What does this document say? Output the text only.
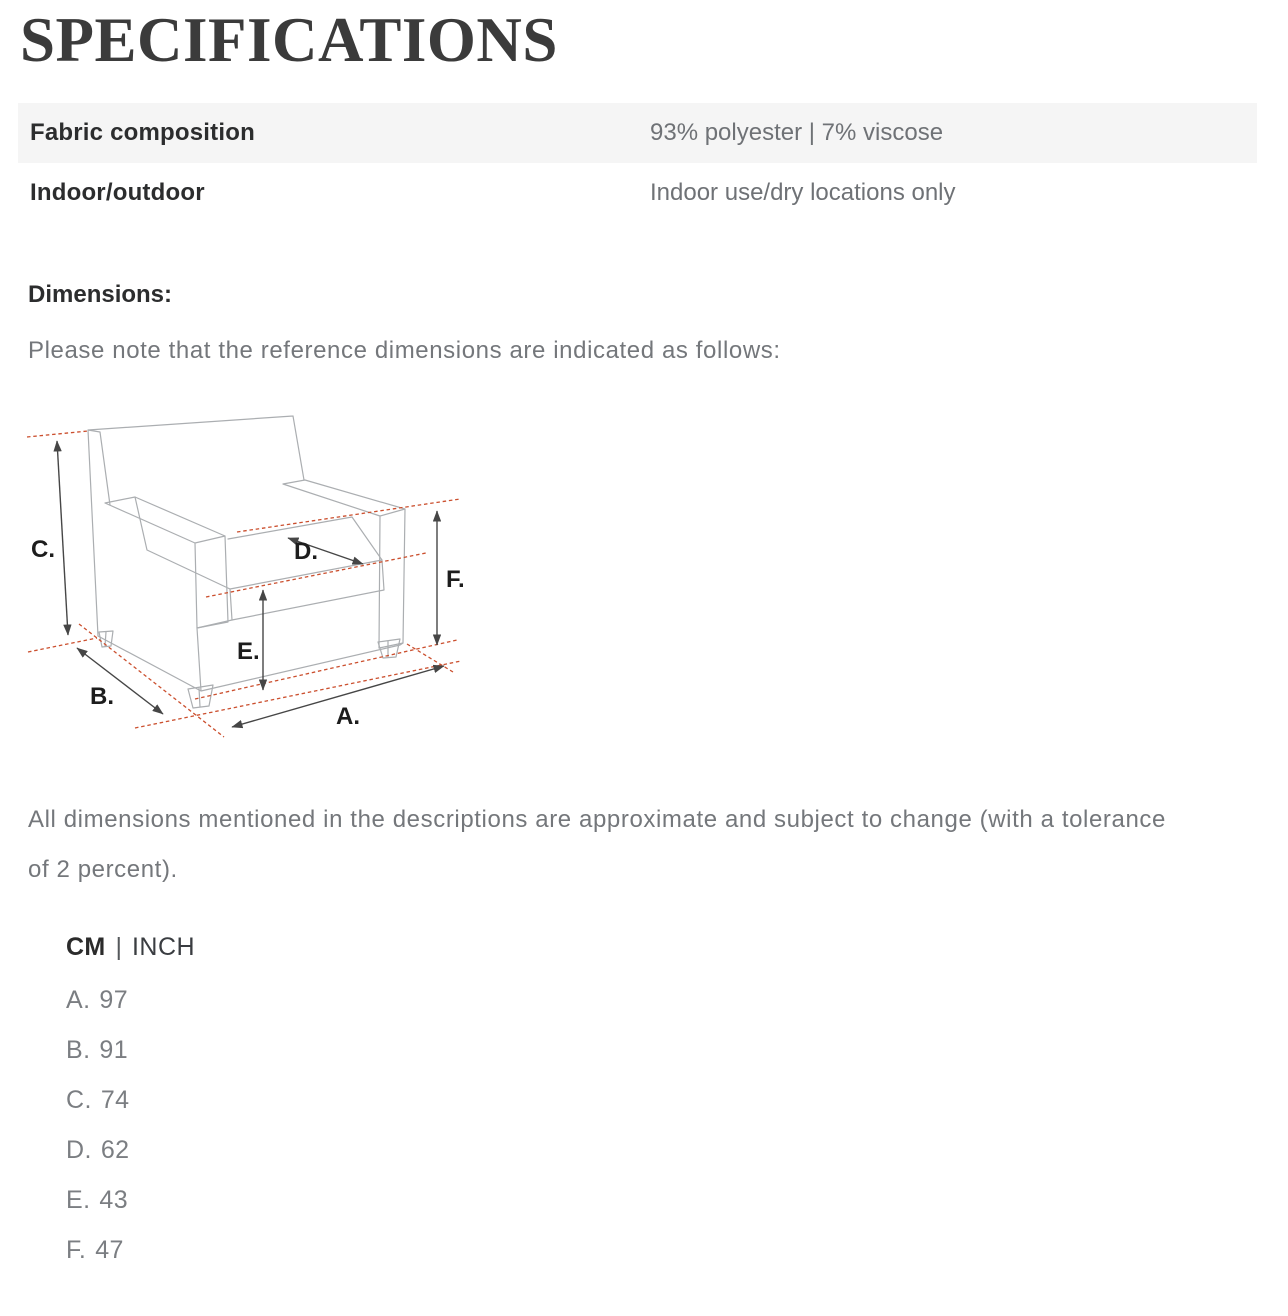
SPECIFICATIONS
Fabric composition	93% polyester | 7% viscose
Indoor/outdoor	Indoor use/dry locations only
Dimensions:

Please note that the reference dimensions are indicated as follows:

C.
B.
A.
D.
E.
F.

All dimensions mentioned in the descriptions are approximate and subject to change (with a tolerance of 2 percent).

CM | INCH
A. 97
B. 91
C. 74
D. 62
E. 43
F. 47
